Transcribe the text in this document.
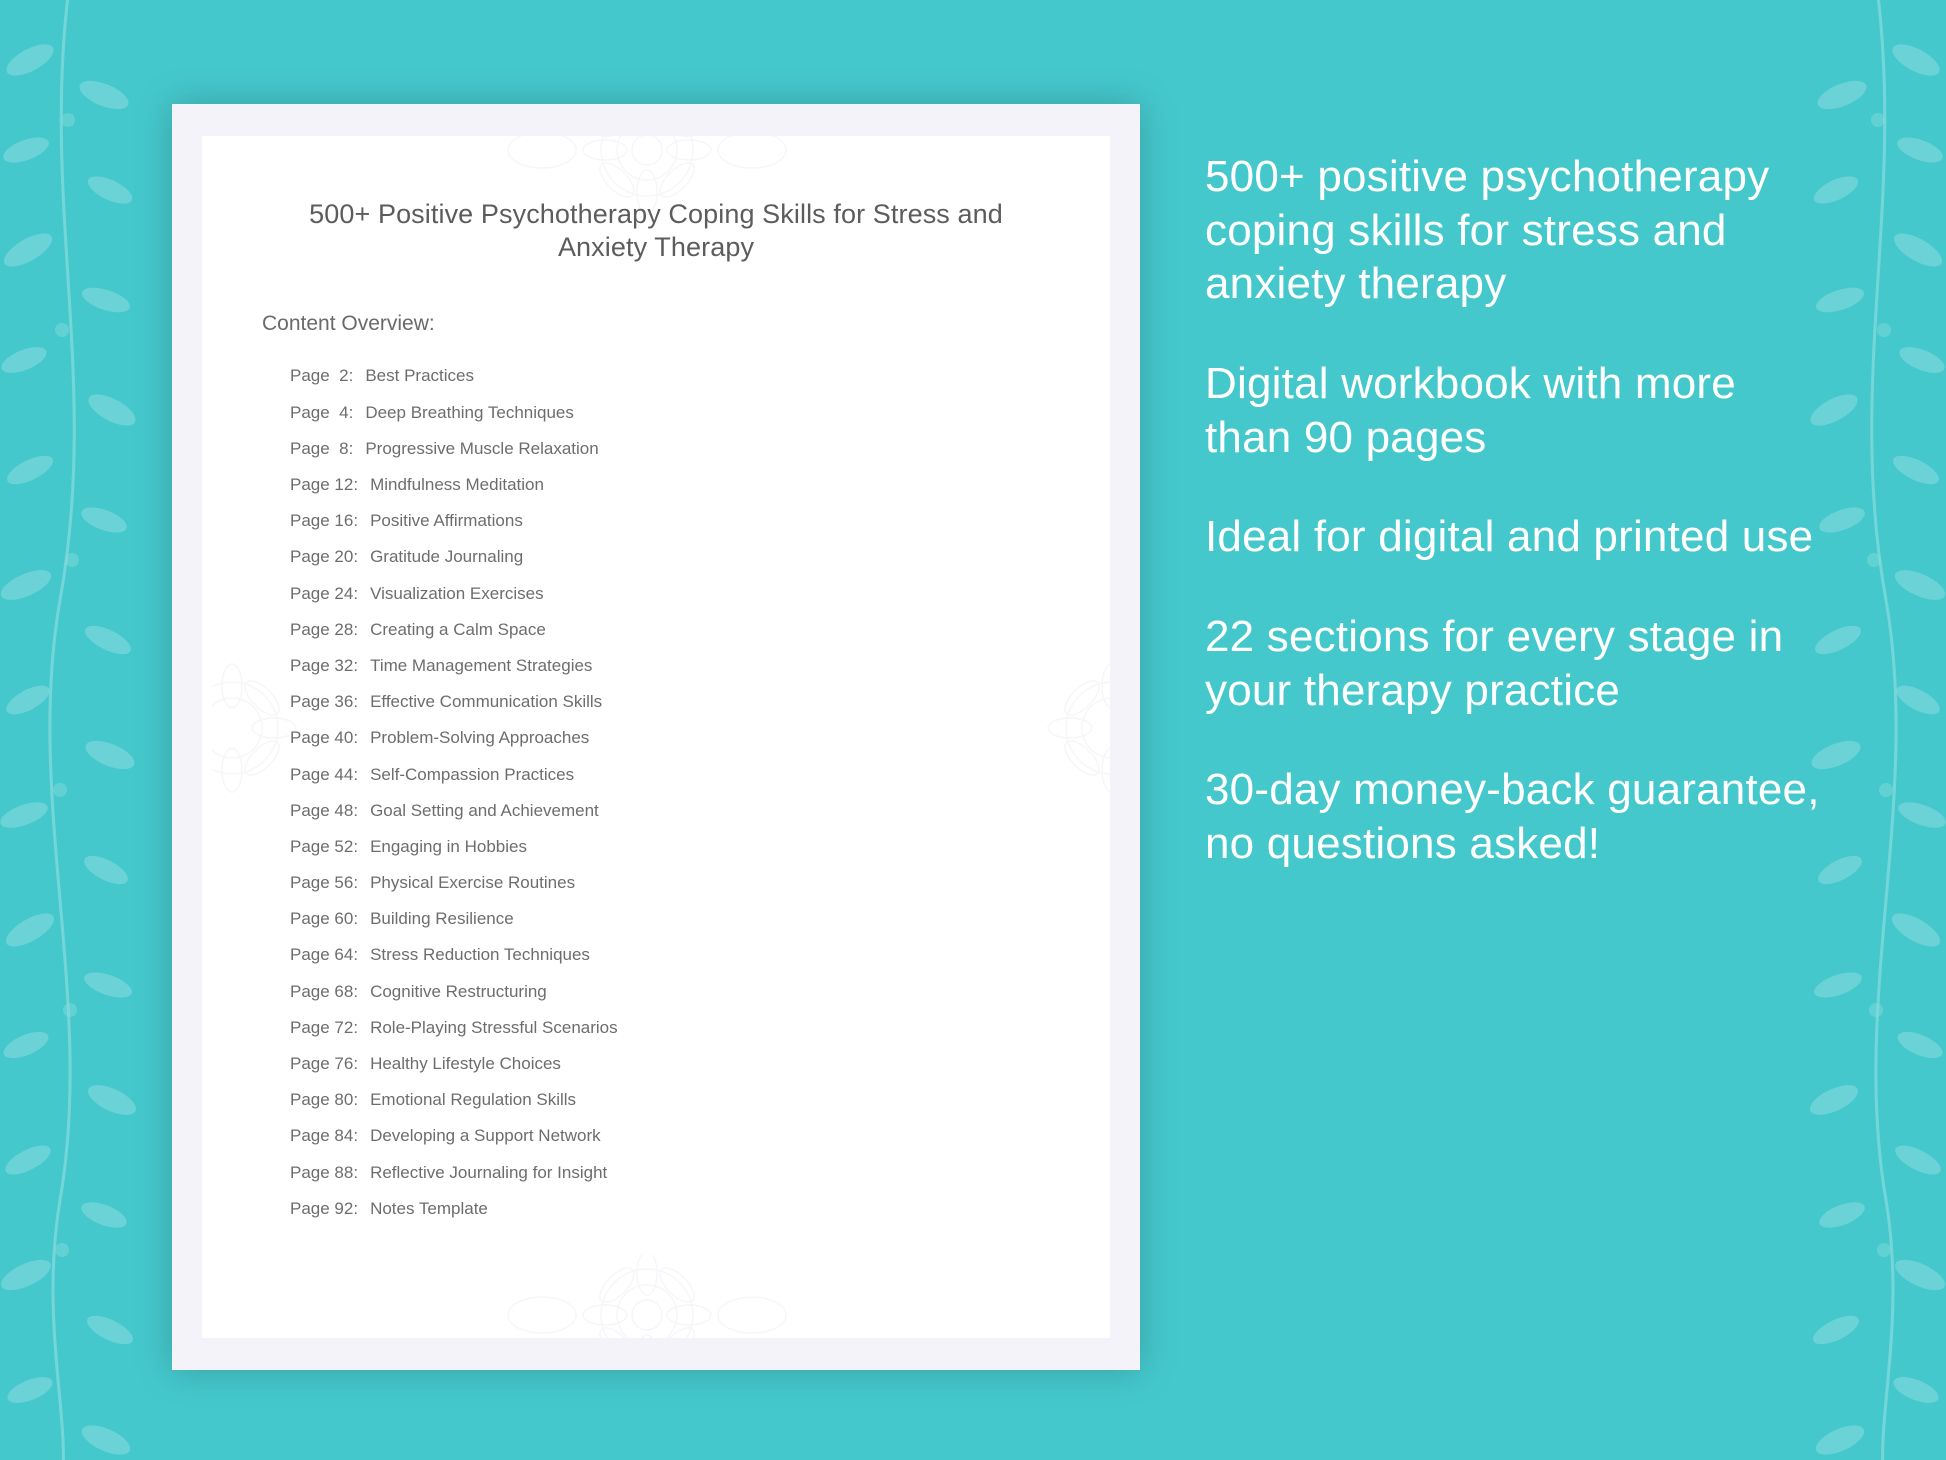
500+ Positive Psychotherapy Coping Skills for Stress and Anxiety Therapy
Content Overview:
Page  2: Best Practices
Page  4: Deep Breathing Techniques
Page  8: Progressive Muscle Relaxation
Page 12: Mindfulness Meditation
Page 16: Positive Affirmations
Page 20: Gratitude Journaling
Page 24: Visualization Exercises
Page 28: Creating a Calm Space
Page 32: Time Management Strategies
Page 36: Effective Communication Skills
Page 40: Problem-Solving Approaches
Page 44: Self-Compassion Practices
Page 48: Goal Setting and Achievement
Page 52: Engaging in Hobbies
Page 56: Physical Exercise Routines
Page 60: Building Resilience
Page 64: Stress Reduction Techniques
Page 68: Cognitive Restructuring
Page 72: Role-Playing Stressful Scenarios
Page 76: Healthy Lifestyle Choices
Page 80: Emotional Regulation Skills
Page 84: Developing a Support Network
Page 88: Reflective Journaling for Insight
Page 92: Notes Template
500+ positive psychotherapy coping skills for stress and anxiety therapy
Digital workbook with more than 90 pages
Ideal for digital and printed use
22 sections for every stage in your therapy practice
30-day money-back guarantee, no questions asked!
